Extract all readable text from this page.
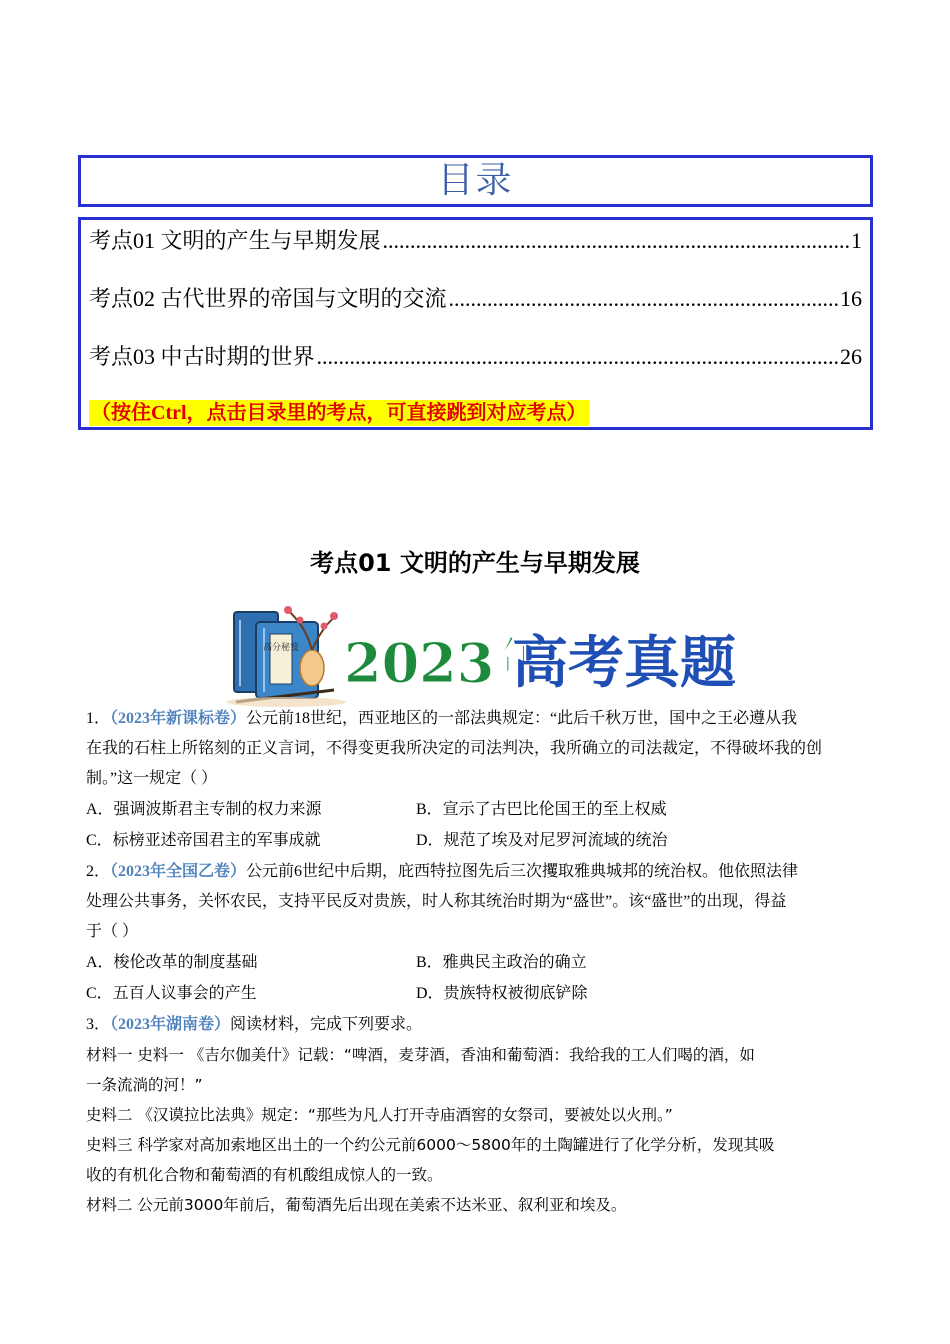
目录
考点01 文明的产生与早期发展 .....	1
考点02 古代世界的帝国与文明的交流 .....	16
考点03 中古时期的世界 .....	26
（按住Ctrl，点击目录里的考点，可直接跳到对应考点）
考点01 文明的产生与早期发展
高分秘笈 2023年
高考真题
1．（2023年新课标卷）公元前18世纪，西亚地区的一部法典规定：“此后千秋万世，国中之王必遵从我
在我的石柱上所铭刻的正义言词，不得变更我所决定的司法判决，我所确立的司法裁定，不得破坏我的创
制。”这一规定（ ）
A．强调波斯君主专制的权力来源	B．宣示了古巴比伦国王的至上权威
C．标榜亚述帝国君主的军事成就	D．规范了埃及对尼罗河流域的统治
2．（2023年全国乙卷）公元前6世纪中后期，庇西特拉图先后三次攫取雅典城邦的统治权。他依照法律
处理公共事务，关怀农民，支持平民反对贵族，时人称其统治时期为“盛世”。该“盛世”的出现，得益
于（ ）
A．梭伦改革的制度基础	B．雅典民主政治的确立
C．五百人议事会的产生	D．贵族特权被彻底铲除
3．（2023年湖南卷）阅读材料，完成下列要求。
材料一 史料一 《吉尔伽美什》记载：“啤酒，麦芽酒，香油和葡萄酒：我给我的工人们喝的酒，如
一条流淌的河！”
史料二 《汉谟拉比法典》规定：“那些为凡人打开寺庙酒窖的女祭司，要被处以火刑。”
史料三 科学家对高加索地区出土的一个约公元前6000～5800年的土陶罐进行了化学分析，发现其吸
收的有机化合物和葡萄酒的有机酸组成惊人的一致。
材料二 公元前3000年前后，葡萄酒先后出现在美索不达米亚、叙利亚和埃及。
